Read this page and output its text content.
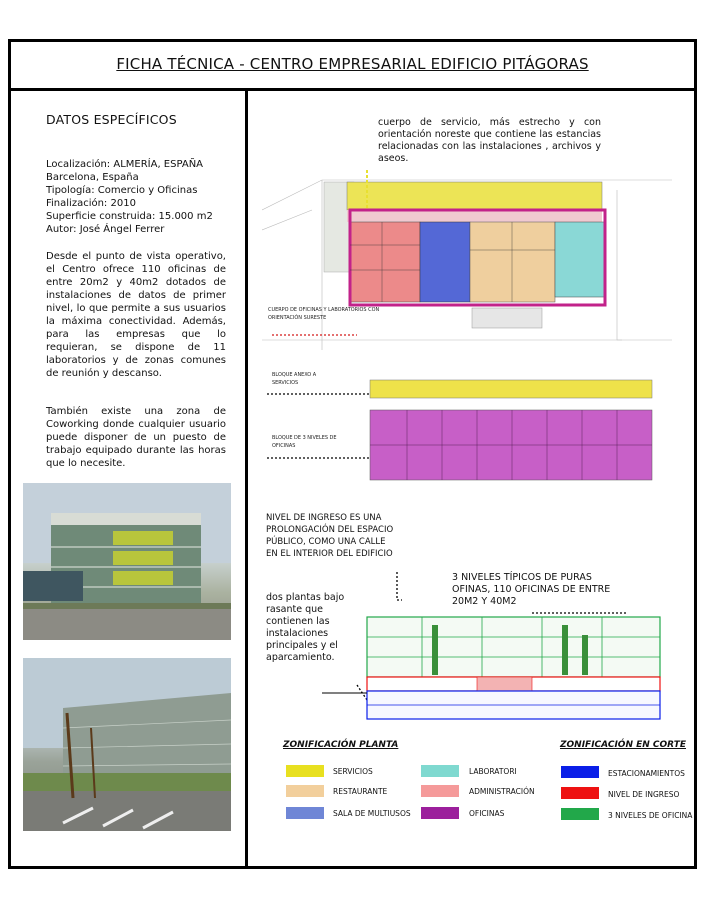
FICHA TÉCNICA - CENTRO EMPRESARIAL EDIFICIO PITÁGORAS
DATOS ESPECÍFICOS
Localización: ALMERÍA, ESPAÑA
Barcelona, España
Tipología: Comercio y Oficinas
Finalización: 2010
Superficie construida: 15.000 m2
Autor: José Ángel Ferrer
Desde el punto de vista operativo, el Centro ofrece 110 oficinas de entre 20m2 y 40m2 dotados de instalaciones de datos de primer nivel, lo que permite a sus usuarios la máxima conectividad. Además, para las empresas que lo requieran, se dispone de 11 laboratorios y de zonas comunes de reunión y descanso.
También existe una zona de Coworking donde cualquier usuario puede disponer de un puesto de trabajo equipado durante las horas que lo necesite.
cuerpo de servicio, más estrecho y con orientación noreste que contiene las estancias relacionadas con las instalaciones , archivos y aseos.
CUERPO DE OFICINAS Y LABORATORIOS CON ORIENTACIÓN SURESTE
BLOQUE ANEXO A SERVICIOS
BLOQUE DE 3 NIVELES DE OFICINAS
NIVEL DE INGRESO ES UNA PROLONGACIÓN DEL ESPACIO PÚBLICO, COMO UNA CALLE EN EL INTERIOR DEL EDIFICIO
3 NIVELES TÍPICOS DE PURAS OFINAS, 110 OFICINAS DE ENTRE 20M2 Y 40M2
dos plantas bajo rasante que contienen las instalaciones principales y el aparcamiento.
ZONIFICACIÓN PLANTA	ZONIFICACIÓN EN CORTE
SERVICIOS
RESTAURANTE
SALA DE MULTIUSOS
LABORATORI
ADMINISTRACIÓN
OFICINAS
ESTACIONAMIENTOS
NIVEL DE INGRESO
3 NIVELES DE OFICINA
